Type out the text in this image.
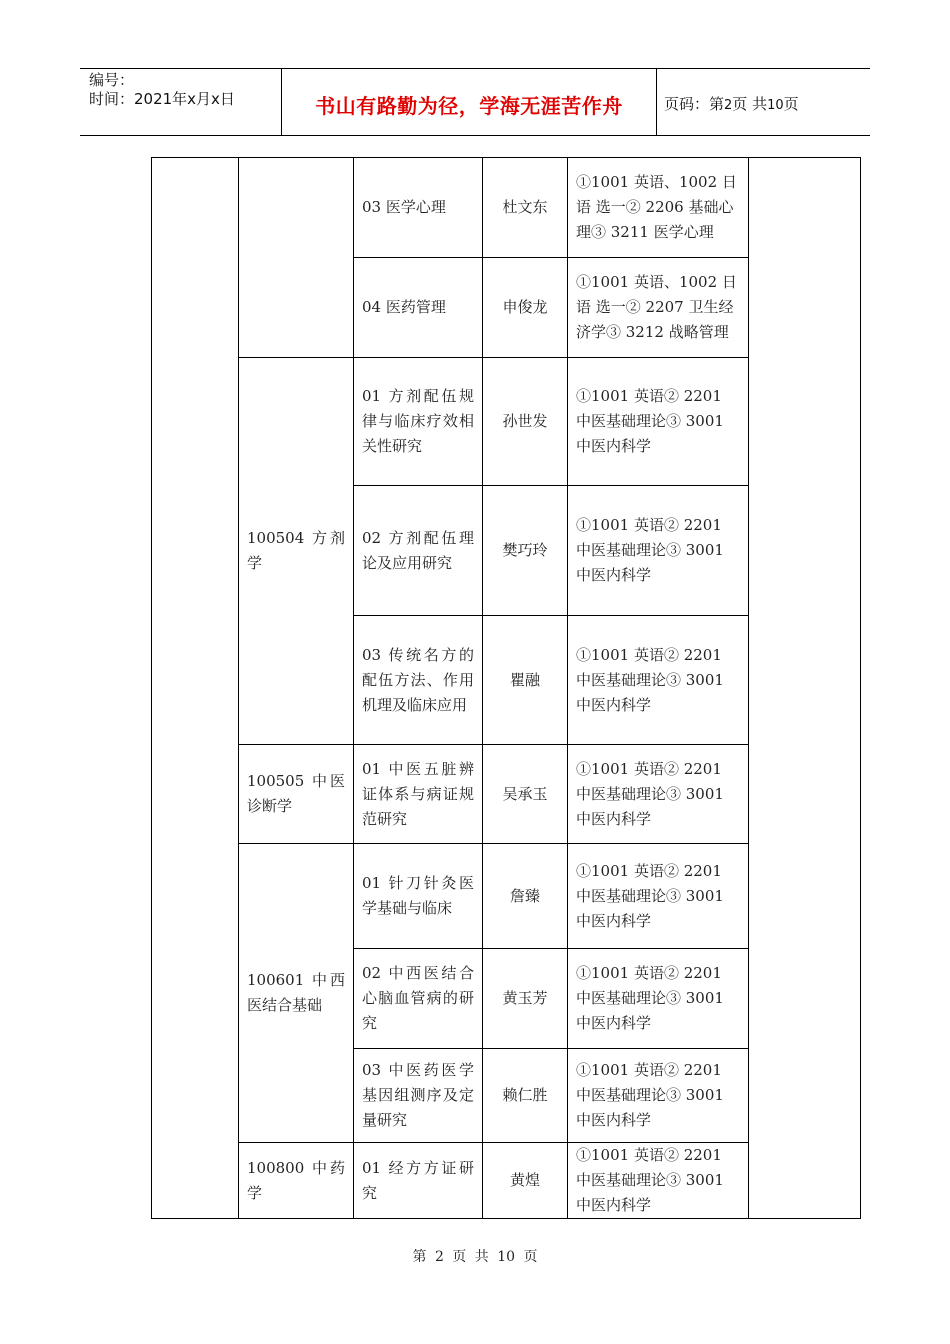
编号：
时间：2021年x月x日	书山有路勤为径，学海无涯苦作舟	页码：第2页 共10页
		03 医学心理	杜文东	①1001 英语、1002 日语 选一② 2206 基础心理③ 3211 医学心理	
		04 医药管理	申俊龙	①1001 英语、1002 日语 选一② 2207 卫生经济学③ 3212 战略管理	
	100504 方剂学	01 方剂配伍规律与临床疗效相关性研究	孙世发	①1001 英语② 2201 中医基础理论③ 3001 中医内科学	
		02 方剂配伍理论及应用研究	樊巧玲	①1001 英语② 2201 中医基础理论③ 3001 中医内科学	
		03 传统名方的配伍方法、作用机理及临床应用	瞿融	①1001 英语② 2201 中医基础理论③ 3001 中医内科学	
	100505 中医诊断学	01 中医五脏辨证体系与病证规范研究	吴承玉	①1001 英语② 2201 中医基础理论③ 3001 中医内科学	
	100601 中西医结合基础	01 针刀针灸医学基础与临床	詹臻	①1001 英语② 2201 中医基础理论③ 3001 中医内科学	
		02 中西医结合心脑血管病的研究	黄玉芳	①1001 英语② 2201 中医基础理论③ 3001 中医内科学	
		03 中医药医学基因组测序及定量研究	赖仁胜	①1001 英语② 2201 中医基础理论③ 3001 中医内科学	
	100800 中药学	01 经方方证研究	黄煌	①1001 英语② 2201 中医基础理论③ 3001 中医内科学	
第 2 页 共 10 页
